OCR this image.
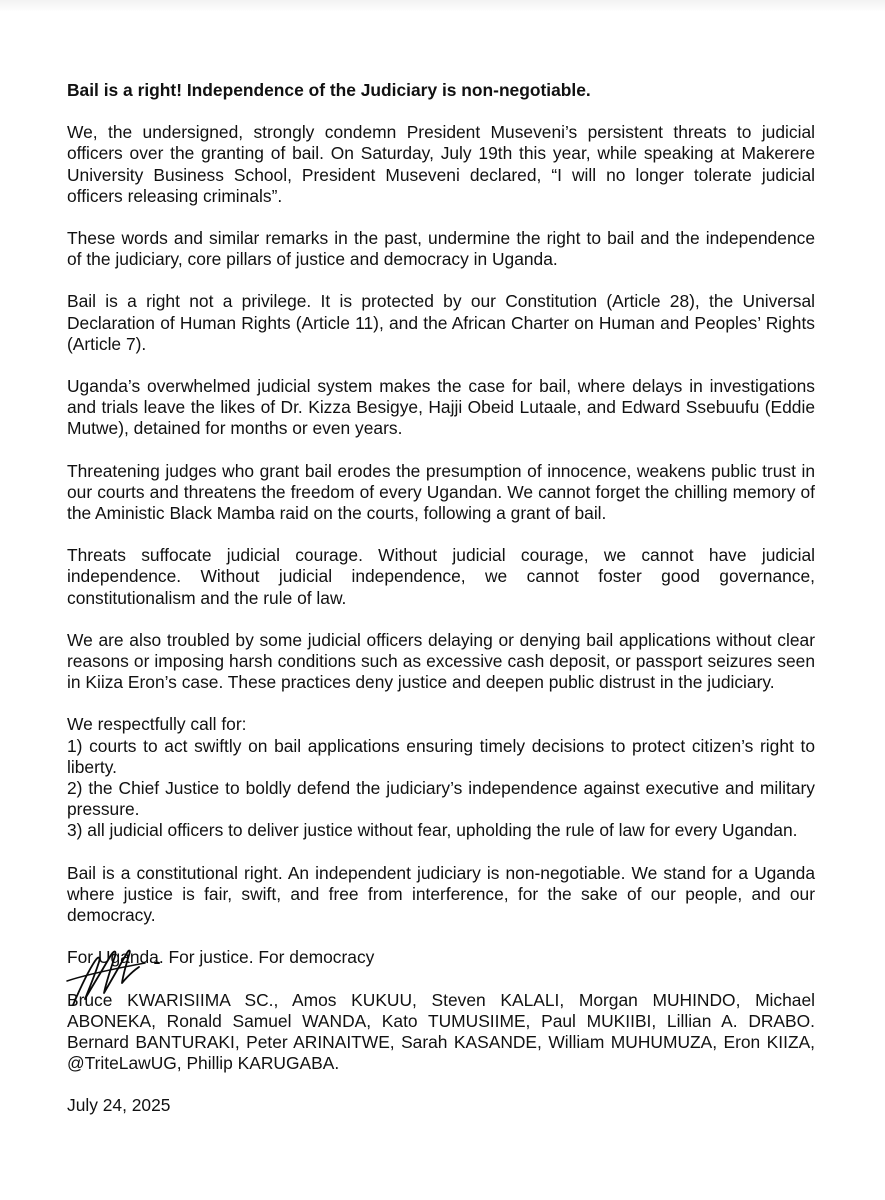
Bail is a right! Independence of the Judiciary is non-negotiable.
We, the undersigned, strongly condemn President Museveni’s persistent threats to judicial officers over the granting of bail. On Saturday, July 19th this year, while speaking at Makerere University Business School, President Museveni declared, “I will no longer tolerate judicial officers releasing criminals”.
These words and similar remarks in the past, undermine the right to bail and the independence of the judiciary, core pillars of justice and democracy in Uganda.
Bail is a right not a privilege. It is protected by our Constitution (Article 28), the Universal Declaration of Human Rights (Article 11), and the African Charter on Human and Peoples’ Rights (Article 7).
Uganda’s overwhelmed judicial system makes the case for bail, where delays in investigations and trials leave the likes of Dr. Kizza Besigye, Hajji Obeid Lutaale, and Edward Ssebuufu (Eddie Mutwe), detained for months or even years.
Threatening judges who grant bail erodes the presumption of innocence, weakens public trust in our courts and threatens the freedom of every Ugandan. We cannot forget the chilling memory of the Aministic Black Mamba raid on the courts, following a grant of bail.
Threats suffocate judicial courage. Without judicial courage, we cannot have judicial independence. Without judicial independence, we cannot foster good governance, constitutionalism and the rule of law.
We are also troubled by some judicial officers delaying or denying bail applications without clear reasons or imposing harsh conditions such as excessive cash deposit, or passport seizures seen in Kiiza Eron’s case. These practices deny justice and deepen public distrust in the judiciary.
We respectfully call for:
1) courts to act swiftly on bail applications ensuring timely decisions to protect citizen’s right to liberty.
2) the Chief Justice to boldly defend the judiciary’s independence against executive and military pressure.
3) all judicial officers to deliver justice without fear, upholding the rule of law for every Ugandan.
Bail is a constitutional right. An independent judiciary is non-negotiable. We stand for a Uganda where justice is fair, swift, and free from interference, for the sake of our people, and our democracy.
For Uganda. For justice. For democracy
Bruce KWARISIIMA SC., Amos KUKUU, Steven KALALI, Morgan MUHINDO, Michael ABONEKA, Ronald Samuel WANDA, Kato TUMUSIIME, Paul MUKIIBI, Lillian A. DRABO. Bernard BANTURAKI, Peter ARINAITWE, Sarah KASANDE, William MUHUMUZA, Eron KIIZA, @TriteLawUG, Phillip KARUGABA.
July 24, 2025
